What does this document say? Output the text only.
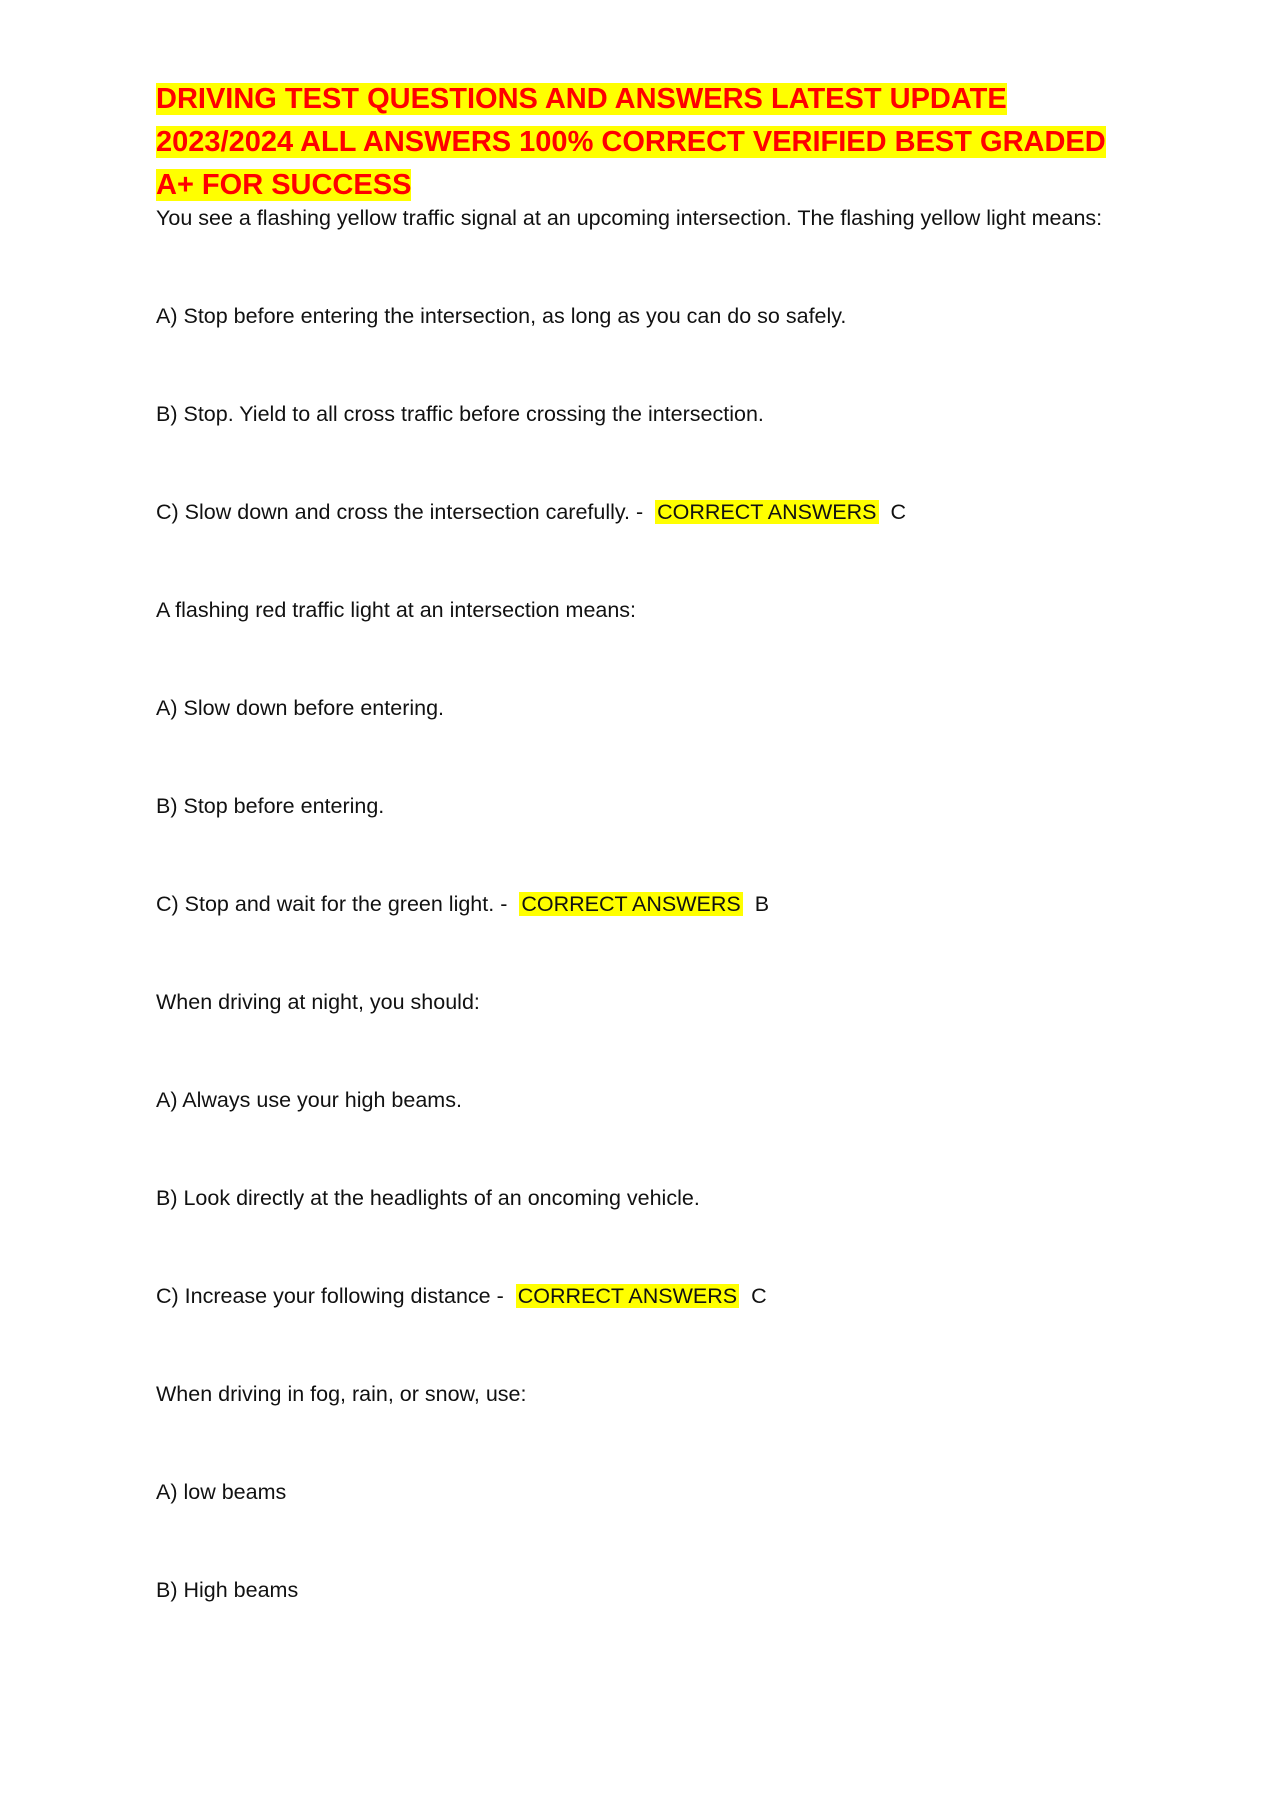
DRIVING TEST QUESTIONS AND ANSWERS LATEST UPDATE
2023/2024 ALL ANSWERS 100% CORRECT VERIFIED BEST GRADED
A+ FOR SUCCESS

You see a flashing yellow traffic signal at an upcoming intersection. The flashing yellow light means:

A) Stop before entering the intersection, as long as you can do so safely.

B) Stop. Yield to all cross traffic before crossing the intersection.

C) Slow down and cross the intersection carefully. - CORRECT ANSWERS C

A flashing red traffic light at an intersection means:

A) Slow down before entering.

B) Stop before entering.

C) Stop and wait for the green light. - CORRECT ANSWERS B

When driving at night, you should:

A) Always use your high beams.

B) Look directly at the headlights of an oncoming vehicle.

C) Increase your following distance - CORRECT ANSWERS C

When driving in fog, rain, or snow, use:

A) low beams

B) High beams
